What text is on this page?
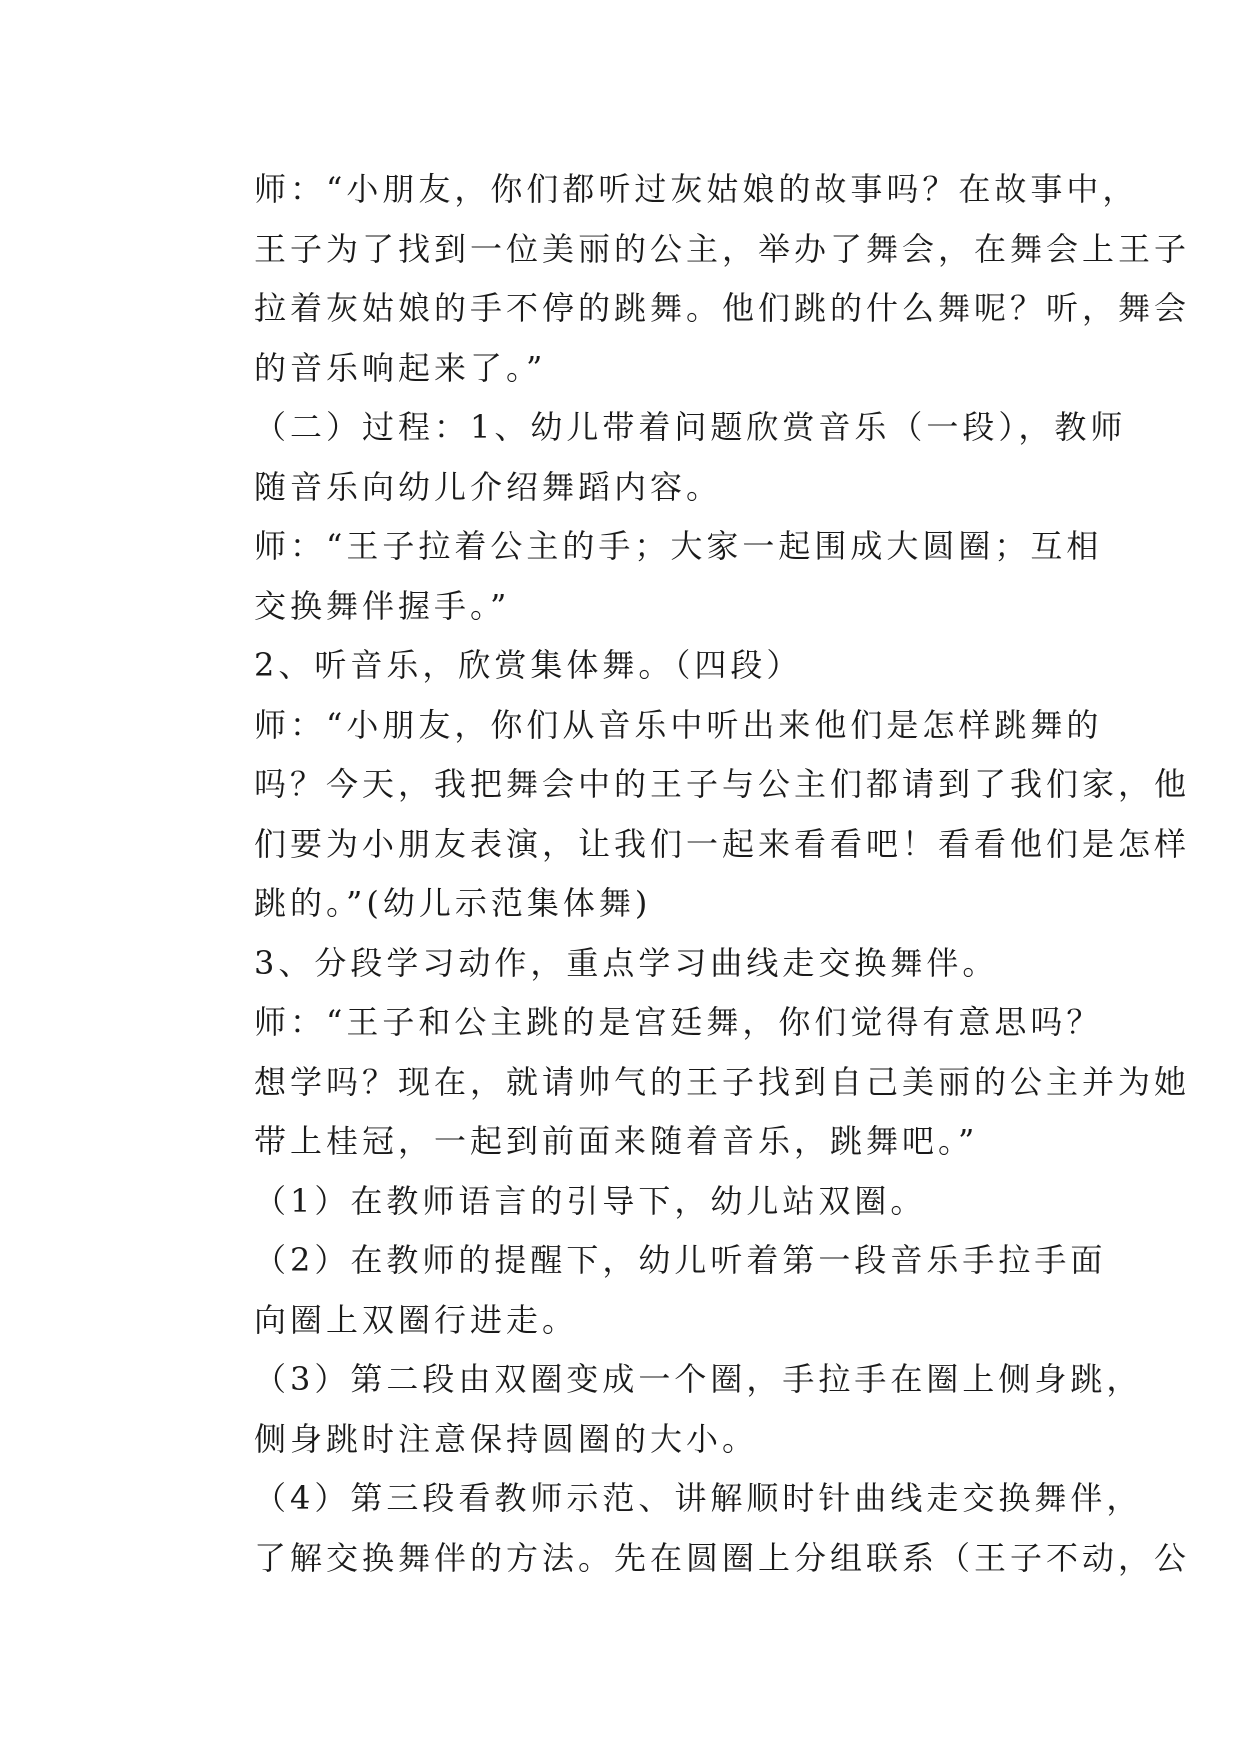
师：“小朋友，你们都听过灰姑娘的故事吗？在故事中，
王子为了找到一位美丽的公主，举办了舞会，在舞会上王子
拉着灰姑娘的手不停的跳舞。他们跳的什么舞呢？听，舞会
的音乐响起来了。”
（二）过程：1、幼儿带着问题欣赏音乐（一段），教师
随音乐向幼儿介绍舞蹈内容。
师：“王子拉着公主的手；大家一起围成大圆圈；互相
交换舞伴握手。”
2、听音乐，欣赏集体舞。（四段）
师：“小朋友，你们从音乐中听出来他们是怎样跳舞的
吗？今天，我把舞会中的王子与公主们都请到了我们家，他
们要为小朋友表演，让我们一起来看看吧！看看他们是怎样
跳的。”(幼儿示范集体舞)
3、分段学习动作，重点学习曲线走交换舞伴。
师：“王子和公主跳的是宫廷舞，你们觉得有意思吗？
想学吗？现在，就请帅气的王子找到自己美丽的公主并为她
带上桂冠，一起到前面来随着音乐，跳舞吧。”
（1）在教师语言的引导下，幼儿站双圈。
（2）在教师的提醒下，幼儿听着第一段音乐手拉手面
向圈上双圈行进走。
（3）第二段由双圈变成一个圈，手拉手在圈上侧身跳，
侧身跳时注意保持圆圈的大小。
（4）第三段看教师示范、讲解顺时针曲线走交换舞伴，
了解交换舞伴的方法。先在圆圈上分组联系（王子不动，公
